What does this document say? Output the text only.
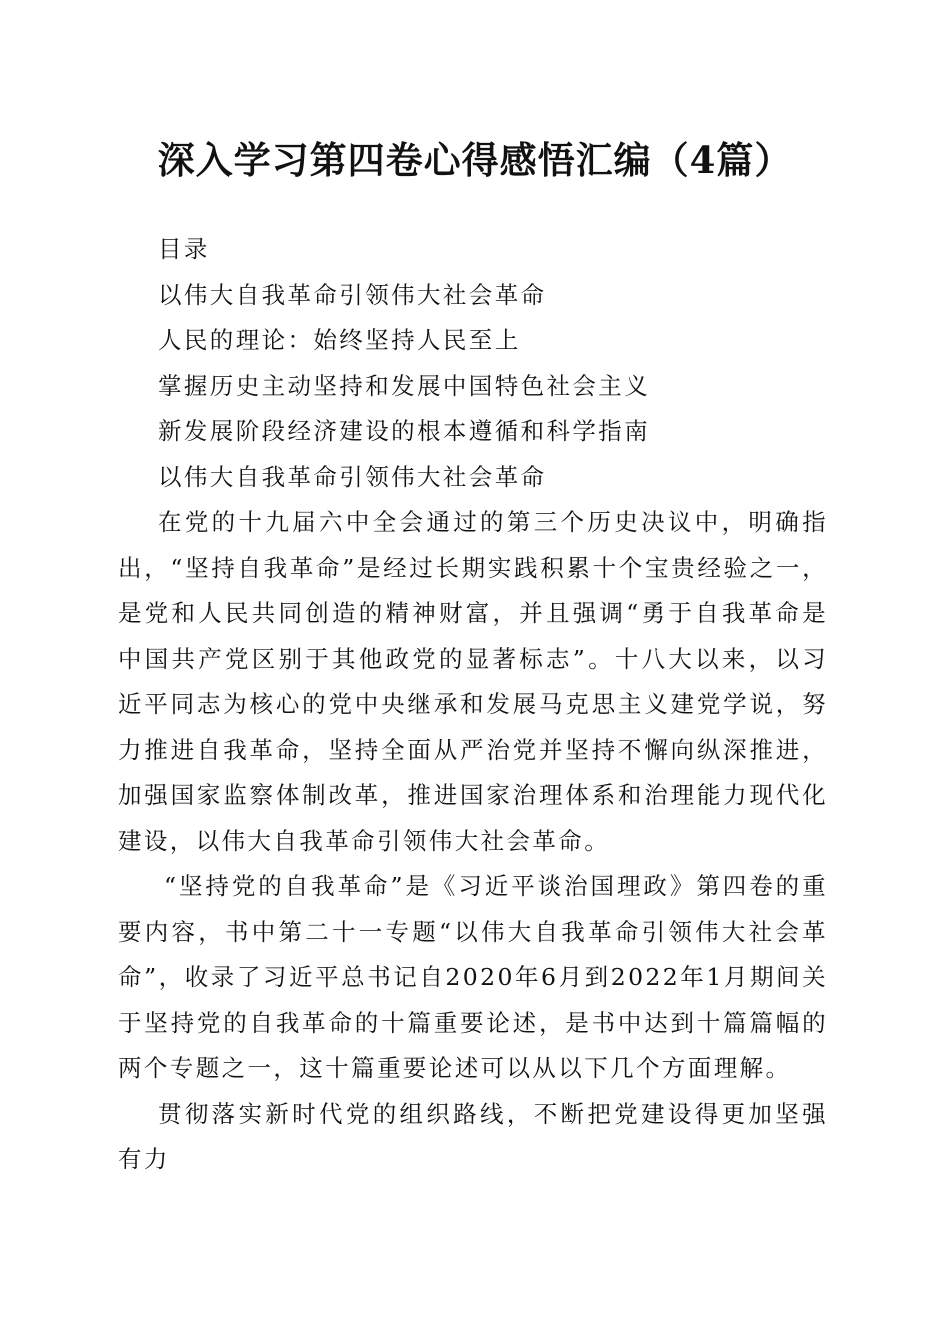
深入学习第四卷心得感悟汇编（4篇）

目录

以伟大自我革命引领伟大社会革命

人民的理论：始终坚持人民至上

掌握历史主动坚持和发展中国特色社会主义

新发展阶段经济建设的根本遵循和科学指南

以伟大自我革命引领伟大社会革命

在党的十九届六中全会通过的第三个历史决议中，明确指出，“坚持自我革命”是经过长期实践积累十个宝贵经验之一，是党和人民共同创造的精神财富，并且强调“勇于自我革命是中国共产党区别于其他政党的显著标志”。十八大以来，以习近平同志为核心的党中央继承和发展马克思主义建党学说，努力推进自我革命，坚持全面从严治党并坚持不懈向纵深推进，加强国家监察体制改革，推进国家治理体系和治理能力现代化建设，以伟大自我革命引领伟大社会革命。

“坚持党的自我革命”是《习近平谈治国理政》第四卷的重要内容，书中第二十一专题“以伟大自我革命引领伟大社会革命”，收录了习近平总书记自2020年6月到2022年1月期间关于坚持党的自我革命的十篇重要论述，是书中达到十篇篇幅的两个专题之一，这十篇重要论述可以从以下几个方面理解。

贯彻落实新时代党的组织路线，不断把党建设得更加坚强有力
